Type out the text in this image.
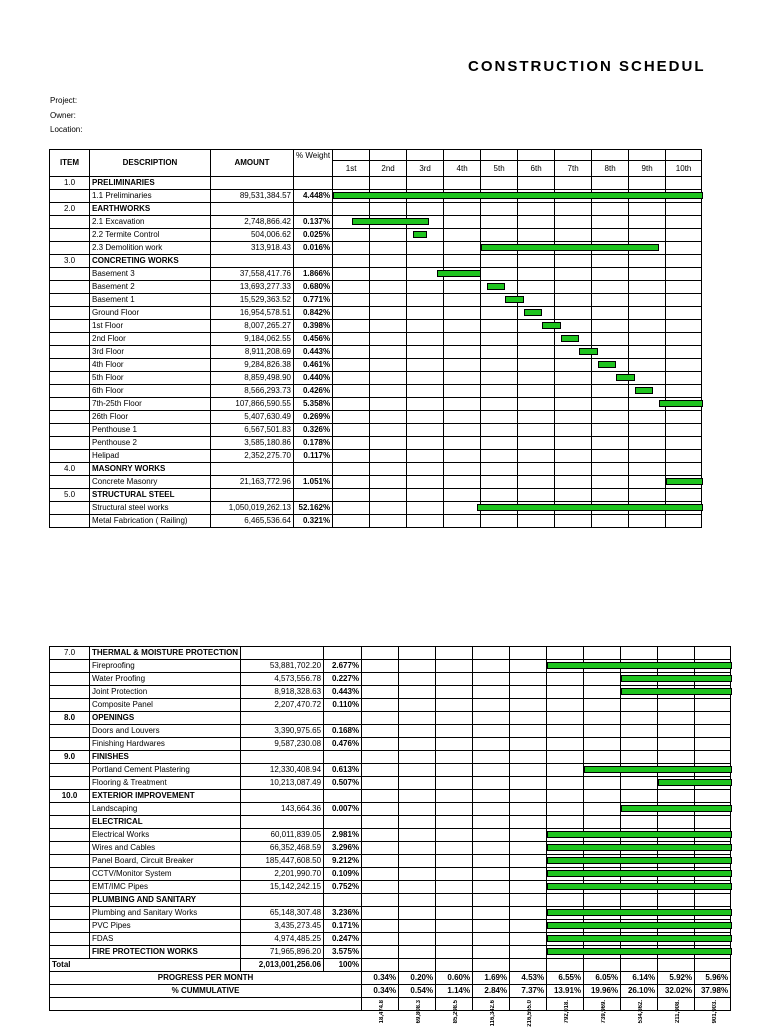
CONSTRUCTION SCHEDUL
Project:
Owner:
Location:
ITEM	DESCRIPTION	AMOUNT	% Weight										
				1st	2nd	3rd	4th	5th	6th	7th	8th	9th	10th
1.0	PRELIMINARIES												
	1.1 Preliminaries	89,531,384.57	4.448%	

2.0	EARTHWORKS												
	2.1 Excavation	2,748,866.42	0.137%	

	2.2 Termite Control	504,006.62	0.025%	

	2.3 Demolition work	313,918.43	0.016%	

3.0	CONCRETING WORKS												
	Basement 3	37,558,417.76	1.866%	

	Basement 2	13,693,277.33	0.680%	

	Basement 1	15,529,363.52	0.771%	

	Ground Floor	16,954,578.51	0.842%	

	1st Floor	8,007,265.27	0.398%	

	2nd Floor	9,184,062.55	0.456%	

	3rd Floor	8,911,208.69	0.443%	

	4th Floor	9,284,826.38	0.461%	

	5th Floor	8,859,498.90	0.440%	

	6th Floor	8,566,293.73	0.426%	

	7th-25th Floor	107,866,590.55	5.358%	

	26th Floor	5,407,630.49	0.269%										
	Penthouse 1	6,567,501.83	0.326%										
	Penthouse 2	3,585,180.86	0.178%										
	Helipad	2,352,275.70	0.117%										
4.0	MASONRY WORKS												
	Concrete Masonry	21,163,772.96	1.051%	

5.0	STRUCTURAL STEEL												
	Structural steel works	1,050,019,262.13	52.162%	

	Metal Fabrication ( Railing)	6,465,536.64	0.321%										
7.0	THERMAL & MOISTURE PROTECTION												
	Fireproofing	53,881,702.20	2.677%	

	Water Proofing	4,573,556.78	0.227%	

	Joint Protection	8,918,328.63	0.443%	

	Composite Panel	2,207,470.72	0.110%										
8.0	OPENINGS												
	Doors and Louvers	3,390,975.65	0.168%										
	Finishing Hardwares	9,587,230.08	0.476%										
9.0	FINISHES												
	Portland Cement Plastering	12,330,408.94	0.613%	

	Flooring & Treatment	10,213,087.49	0.507%	

10.0	EXTERIOR IMPROVEMENT												
	Landscaping	143,664.36	0.007%	

	ELECTRICAL												
	Electrical Works	60,011,839.05	2.981%	

	Wires and Cables	66,352,468.59	3.296%	

	Panel Board, Circuit Breaker	185,447,608.50	9.212%	

	CCTV/Monitor System	2,201,990.70	0.109%	

	EMT/IMC Pipes	15,142,242.15	0.752%	

	PLUMBING AND SANITARY												
	Plumbing and Sanitary Works	65,148,307.48	3.236%	

	PVC Pipes	3,435,273.45	0.171%	

	FDAS	4,974,485.25	0.247%	

	FIRE PROTECTION WORKS	71,965,896.20	3.575%	

Total		2,013,001,256.06	100%										
PROGRESS PER MONTH				0.34%	0.20%	0.60%	1.69%	4.53%	6.55%	6.05%	6.14%	5.92%	5.96%
% CUMMULATIVE				0.34%	0.54%	1.14%	2.84%	7.37%	13.91%	19.96%	26.10%	32.02%	37.98%

				18,474.8	69,808.3	85,298.5	116,342.6	216,555.0	792,018.	739,969.	534,862.	211,908.	901,903.
